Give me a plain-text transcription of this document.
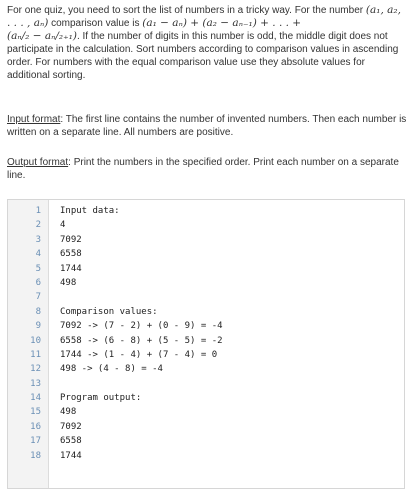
For one quiz, you need to sort the list of numbers in a tricky way. For the number (a₁, a₂, . . . , aₙ) comparison value is (a₁ − aₙ) + (a₂ − aₙ₋₁) + . . . +
(aₙ/₂ − aₙ/₂₊₁). If the number of digits in this number is odd, the middle digit does not participate in the calculation. Sort numbers according to comparison values in ascending order. For numbers with the equal comparison value use they absolute values for additional sorting.
Input format: The first line contains the number of invented numbers. Then each number is written on a separate line. All numbers are positive.
Output format: Print the numbers in the specified order. Print each number on a separate line.
1 Input data:
2 4
3 7092
4 6558
5 1744
6 498
7
8 Comparison values:
9 7092 -> (7 - 2) + (0 - 9) = -4
10 6558 -> (6 - 8) + (5 - 5) = -2
11 1744 -> (1 - 4) + (7 - 4) = 0
12 498 -> (4 - 8) = -4
13
14 Program output:
15 498
16 7092
17 6558
18 1744
